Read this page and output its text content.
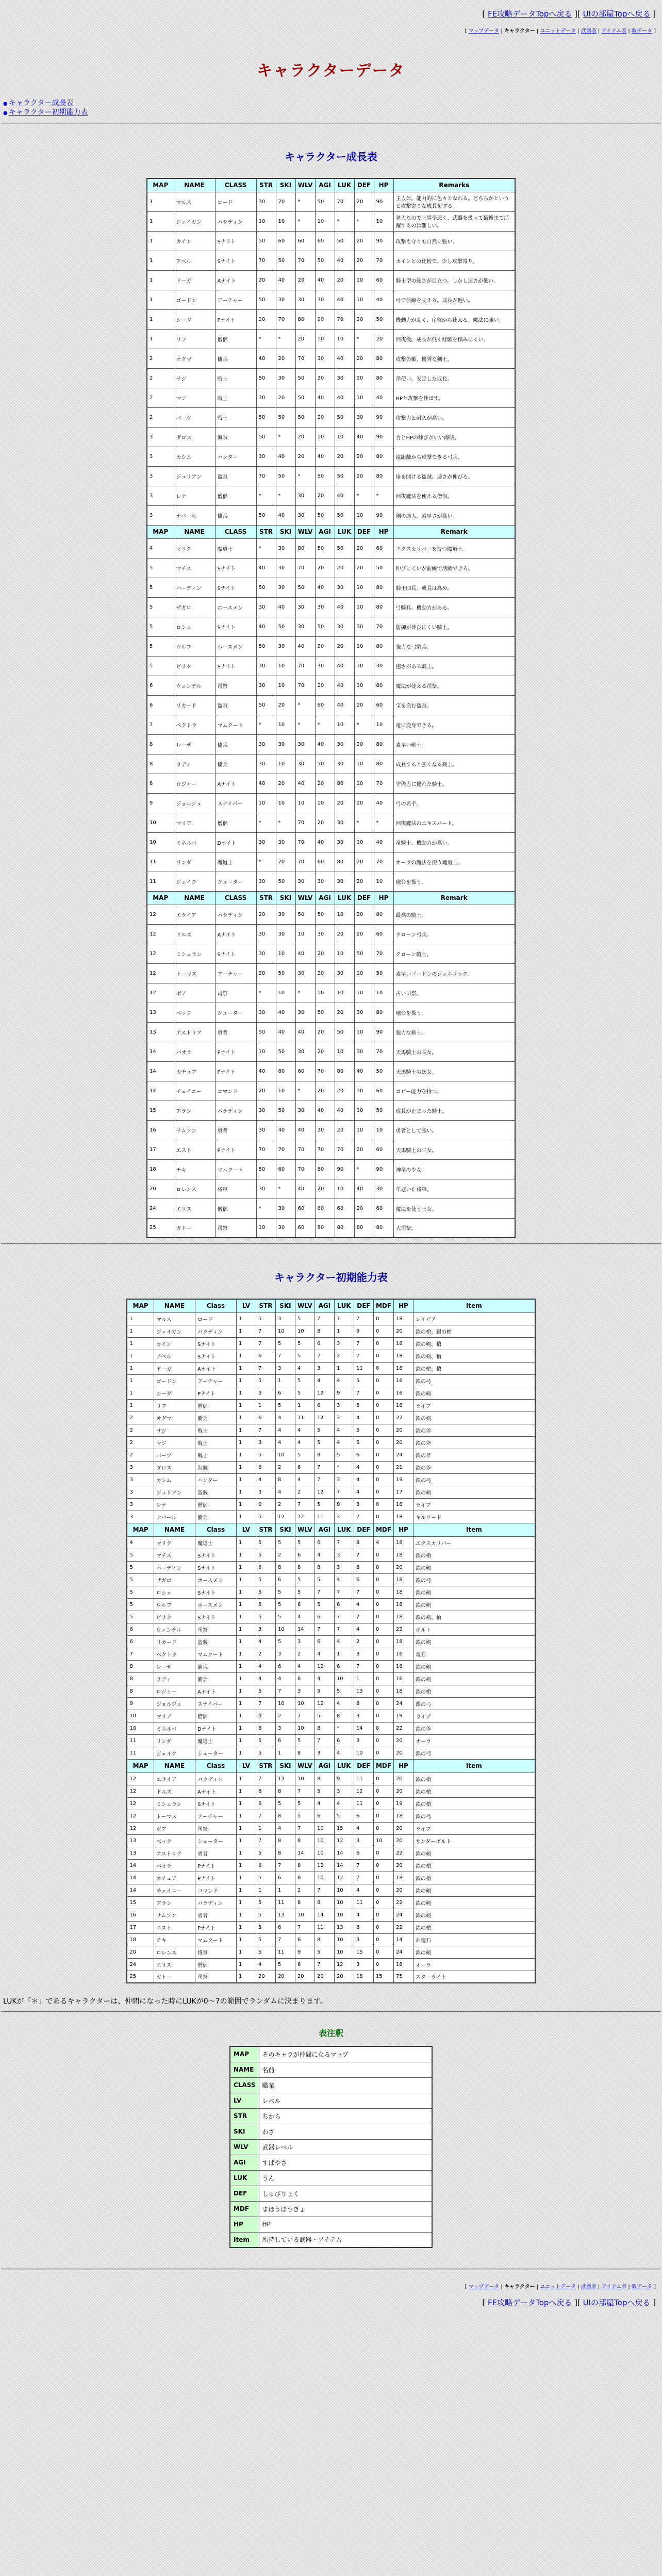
[ FE攻略データTopへ戻る ][ UIの部屋Topへ戻る ]
[ マップデータ | キャラクター | ユニットデータ | 武器表 | アイテム表 | 敵データ ]
キャラクターデータ
● キャラクター成長表
● キャラクター初期能力表
キャラクター成長表
MAP	NAME	CLASS	STR	SKI	WLV	AGI	LUK	DEF	HP	Remarks
1	マルス	ロード	30	70	*	50	70	20	90	主人公。能力的に色々となれる。どちらかというと攻撃寄りな成長をする。
1	ジェイガン	パラディン	10	10	*	10	*	*	10	老人なので上昇率悪く、武器を扱って最後まで活躍するのは難しい。
1	カイン	Sナイト	50	60	60	60	50	20	90	攻撃も守りも自然に強い。
1	アベル	Sナイト	70	50	70	50	40	20	70	カインとの比較で、少し攻撃寄り。
1	ドーガ	Aナイト	20	40	20	40	20	10	60	騎士型の硬さが目立つ。しかし速さが低い。
1	ゴードン	アーチャー	50	30	30	30	40	10	40	弓で前線を支える。成長が遅い。
1	シーダ	Pナイト	20	70	80	90	70	20	50	機動力が高く、序盤から使える。魔法に強い。
1	リフ	僧侶	*	*	20	10	10	*	20	回復役。成長が低く経験を積みにくい。
2	オグマ	傭兵	40	20	70	30	40	20	80	攻撃の軸。優秀な剣士。
2	サジ	戦士	50	30	50	20	30	20	80	斧使い。安定した成長。
2	マジ	戦士	30	20	50	40	40	10	40	HPと攻撃を伸ばす。
2	バーツ	戦士	50	50	50	20	50	30	90	攻撃力と耐久が高い。
3	ダロス	海賊	50	*	20	10	10	40	90	力とHPの伸びがいい海賊。
3	カシム	ハンター	30	40	20	40	20	20	80	遠距離から攻撃できる弓兵。
3	ジュリアン	盗賊	70	50	*	50	50	20	80	扉を開ける盗賊。速さが伸びる。
3	レナ	僧侶	*	*	30	20	40	*	*	回復魔法を使える僧侶。
3	ナバール	傭兵	50	40	30	50	50	10	90	剣の達人。素早さが高い。
MAP	NAME	CLASS	STR	SKI	WLV	AGI	LUK	DEF	HP	Remark
4	マリク	魔道士	*	30	80	50	50	20	60	エクスカリバーを持つ魔道士。
5	マチス	Sナイト	40	30	70	20	20	20	50	伸びにくいが前線で活躍できる。
5	ハーディン	Sナイト	50	30	50	40	30	10	80	騎士団長。成長は高め。
5	ザガロ	ホースメン	30	40	30	30	40	10	80	弓騎兵。機動力がある。
5	ロシェ	Sナイト	40	50	30	50	30	30	70	防御が伸びにくい騎士。
5	ウルフ	ホースメン	50	30	40	20	20	10	80	強力な弓騎兵。
5	ビラク	Sナイト	30	10	70	30	40	10	30	速さがある騎士。
6	ウェンデル	司祭	30	10	70	20	40	10	80	魔法が使える司祭。
6	リカード	盗賊	50	20	*	60	40	20	60	宝を盗む盗賊。
7	ベクトラ	マムクート	*	10	*	*	10	*	10	竜に変身できる。
8	レーザ	傭兵	30	30	30	40	30	20	80	素早い剣士。
8	ラディ	傭兵	30	10	30	50	30	10	80	成長すると強くなる剣士。
8	ロジャー	Aナイト	40	20	40	20	80	10	70	守備力に優れた騎士。
9	ジョルジュ	スナイパー	10	10	10	10	20	20	40	弓の名手。
10	マリア	僧侶	*	*	70	20	30	*	*	回復魔法のエキスパート。
10	ミネルバ	Dナイト	30	30	70	40	30	10	40	竜騎士。機動力が高い。
11	リンダ	魔道士	*	70	70	60	80	20	70	オーラの魔法を使う魔道士。
11	ジェイク	シューター	30	50	30	30	30	20	10	砲台を扱う。
MAP	NAME	CLASS	STR	SKI	WLV	AGI	LUK	DEF	HP	Remark
12	エライア	パラディン	20	30	50	50	10	20	80	最高の騎士。
12	ドルズ	Aナイト	30	30	10	30	20	20	60	クローン弓兵。
12	ミシェラン	Sナイト	30	10	40	20	10	50	70	クローン騎士。
12	トーマス	アーチャー	20	50	30	20	30	10	50	素早いゴードンのジェネリック。
12	ボア	司祭	*	10	*	10	10	10	10	古い司祭。
13	ベック	シューター	30	40	30	50	20	30	80	砲台を扱う。
13	アストリア	勇者	50	40	40	20	50	10	90	強力な剣士。
14	パオラ	Pナイト	10	50	30	20	10	30	70	天馬騎士の長女。
14	カチュア	Pナイト	40	80	60	70	80	40	50	天馬騎士の次女。
14	チェイニー	コマンド	20	10	*	20	20	30	60	コピー能力を持つ。
15	アラン	パラディン	30	50	30	40	40	10	50	成長が止まった騎士。
16	サムソン	勇者	30	40	40	20	20	10	10	勇者として強い。
17	エスト	Pナイト	70	70	70	70	70	20	60	天馬騎士の三女。
18	チキ	マムクート	50	60	70	80	90	*	90	神竜の少女。
20	ロレンス	将軍	30	*	40	20	10	40	30	年老いた将軍。
24	エリス	僧侶	*	30	60	60	60	20	60	魔法を使う王女。
25	ガトー	司祭	10	30	60	80	80	80	80	大司祭。
キャラクター初期能力表
MAP	NAME	Class	LV	STR	SKI	WLV	AGI	LUK	DEF	MDF	HP	Item
1	マルス	ロード	1	5	3	5	7	7	7	0	18	レイピア
1	ジェイガン	パラディン	1	7	10	10	8	1	9	0	20	鉄の槍、銀の槍
1	カイン	Sナイト	1	7	5	5	6	3	7	0	18	鉄の剣、槍
1	アベル	Sナイト	1	6	7	5	7	2	7	0	18	鉄の剣、槍
1	ドーガ	Aナイト	1	7	3	4	3	1	11	0	18	鉄の槍、槍
1	ゴードン	アーチャー	1	5	1	5	4	4	5	0	16	鉄の弓
1	シーダ	Pナイト	1	3	6	5	12	9	7	0	16	鉄の剣
1	リフ	僧侶	1	1	5	1	6	3	5	0	18	ライブ
2	オグマ	傭兵	1	6	4	11	12	3	4	0	22	鉄の剣
2	サジ	戦士	1	7	4	4	5	4	5	0	20	鉄の斧
2	マジ	戦士	1	3	4	4	5	4	5	0	20	鉄の斧
2	バーツ	戦士	1	5	10	5	8	5	6	0	24	鉄の斧
3	ダロス	海賊	1	6	2	6	7	*	4	0	21	鉄の斧
3	カシム	ハンター	1	4	8	4	7	3	4	0	19	鉄の弓
3	ジュリアン	盗賊	1	3	4	2	12	7	4	0	17	鉄の剣
3	レナ	僧侶	1	0	2	7	5	8	3	0	18	ライブ
3	ナバール	傭兵	1	5	12	12	11	3	7	0	18	キルソード
MAP	NAME	Class	LV	STR	SKI	WLV	AGI	LUK	DEF	MDF	HP	Item
4	マリク	魔道士	1	5	5	5	6	7	8	4	18	エクスカリバー
5	マチス	Sナイト	1	5	2	6	4	3	7	0	18	鉄の槍
5	ハーディン	Sナイト	1	6	8	8	8	3	8	0	20	鉄の剣
5	ザガロ	ホースメン	1	5	6	5	5	4	6	0	18	鉄の弓
5	ロシェ	Sナイト	1	5	5	5	7	7	7	0	18	鉄の剣
5	ウルフ	ホースメン	1	5	5	6	5	6	4	0	18	鉄の剣
5	ビラク	Sナイト	1	5	5	4	6	7	7	0	18	鉄の剣、槍
6	ウェンデル	司祭	1	3	10	14	7	7	4	0	22	ボルト
6	リカード	盗賊	1	4	5	3	6	4	2	0	18	鉄の剣
7	ベクトラ	マムクート	1	2	3	2	4	1	3	0	16	竜石
8	レーザ	傭兵	1	4	6	4	12	6	7	0	16	鉄の剣
8	ラディ	傭兵	1	4	4	8	4	10	1	0	16	鉄の剣
8	ロジャー	Aナイト	1	5	7	3	9	5	13	0	18	鉄の槍
9	ジョルジュ	スナイパー	1	7	10	10	12	4	8	0	24	銀の弓
10	マリア	僧侶	1	0	2	7	5	8	3	0	19	ライブ
10	ミネルバ	Dナイト	1	8	3	10	8	*	14	0	22	鉄の斧
11	リンダ	魔道士	1	5	6	5	7	6	3	0	20	オーラ
11	ジェイク	シューター	1	5	1	8	3	4	10	0	20	鉄の弓
MAP	NAME	Class	LV	STR	SKI	WLV	AGI	LUK	DEF	MDF	HP	Item
12	エライア	パラディン	1	7	13	10	8	9	11	0	20	鉄の槍
12	ドルズ	Aナイト	1	8	8	7	5	3	12	0	20	鉄の槍
12	ミシェラン	Sナイト	1	6	5	5	4	4	11	0	19	鉄の槍
12	トーマス	アーチャー	1	7	8	5	6	5	6	0	18	鉄の弓
12	ボア	司祭	1	1	4	7	10	15	4	8	20	ライブ
13	ベック	シューター	1	7	8	8	10	12	3	10	20	サンダーボルト
13	アストリア	勇者	1	5	8	14	10	14	6	0	22	鉄の剣
14	パオラ	Pナイト	1	6	7	8	12	14	7	0	20	鉄の槍
14	カチュア	Pナイト	1	5	6	8	10	12	7	0	18	鉄の槍
14	チェイニー	コマンド	1	1	1	2	7	10	4	0	20	鉄の剣
15	アラン	パラディン	1	5	11	8	8	10	11	0	22	鉄の剣
16	サムソン	勇者	1	5	13	10	14	10	4	0	24	鉄の剣
17	エスト	Pナイト	1	5	6	7	11	13	8	0	22	鉄の槍
18	チキ	マムクート	1	5	7	6	8	10	3	0	14	神竜石
20	ロレンス	将軍	1	5	11	9	5	10	15	0	24	鉄の剣
24	エリス	僧侶	1	4	5	6	7	12	3	0	18	オーラ
25	ガトー	司祭	1	20	20	20	20	20	18	15	75	スターライト
LUKが「＊」であるキャラクターは、仲間になった時にLUKが0～7の範囲でランダムに決まります。
表注釈
MAP	そのキャラが仲間になるマップ
NAME	名前
CLASS	職業
LV	レベル
STR	ちから
SKI	わざ
WLV	武器レベル
AGI	すばやさ
LUK	うん
DEF	しゅびりょく
MDF	まほうぼうぎょ
HP	HP
Item	所持している武器・アイテム
[ マップデータ | キャラクター | ユニットデータ | 武器表 | アイテム表 | 敵データ ]
[ FE攻略データTopへ戻る ][ UIの部屋Topへ戻る ]
